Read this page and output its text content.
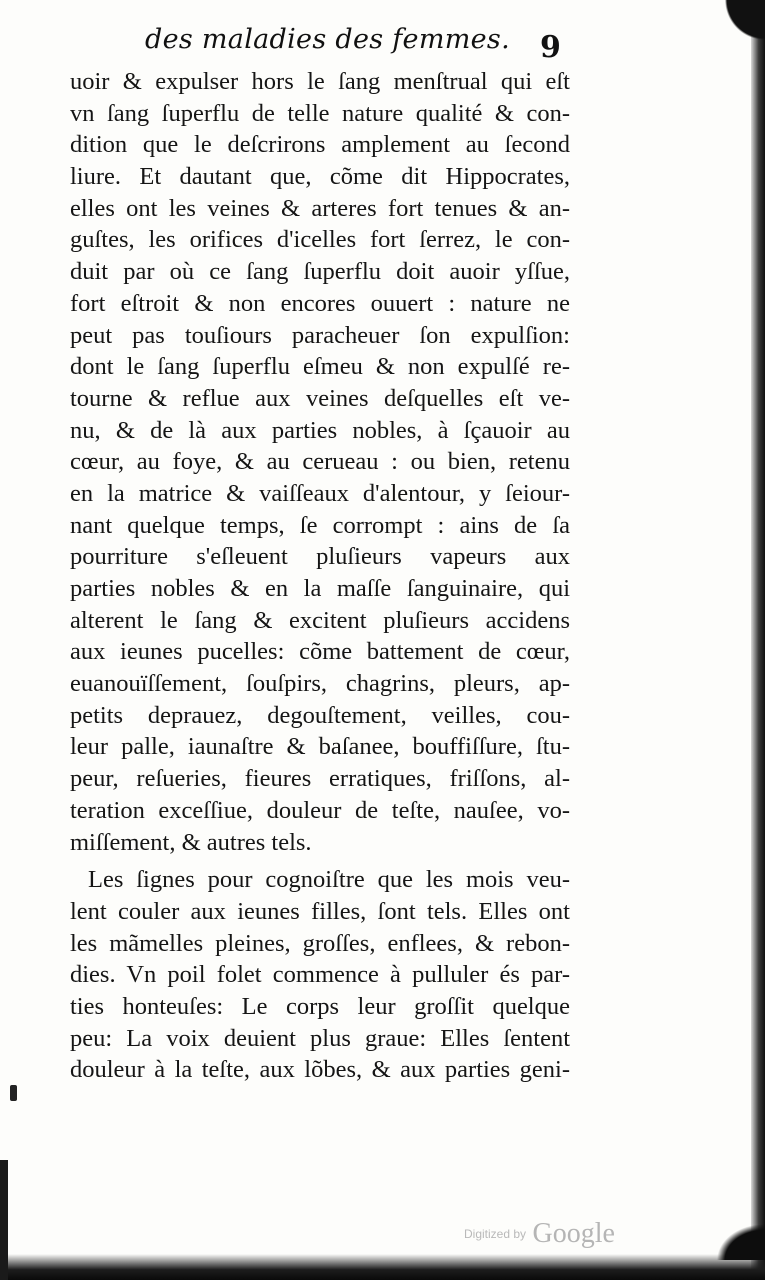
des maladies des femmes. 9
uoir & expulser hors le ſang menſtrual qui eſt
vn ſang ſuperflu de telle nature qualité & con-
dition que le deſcrirons amplement au ſecond
liure. Et dautant que, cõme dit Hippocrates,
elles ont les veines & arteres fort tenues & an-
guſtes, les orifices d'icelles fort ſerrez, le con-
duit par où ce ſang ſuperflu doit auoir yſſue,
fort eſtroit & non encores ouuert : nature ne
peut pas touſiours paracheuer ſon expulſion:
dont le ſang ſuperflu eſmeu & non expulſé re-
tourne & reflue aux veines deſquelles eſt ve-
nu, & de là aux parties nobles, à ſçauoir au
cœur, au foye, & au cerueau : ou bien, retenu
en la matrice & vaiſſeaux d'alentour, y ſeiour-
nant quelque temps, ſe corrompt : ains de ſa
pourriture s'eſleuent pluſieurs vapeurs aux
parties nobles & en la maſſe ſanguinaire, qui
alterent le ſang & excitent pluſieurs accidens
aux ieunes pucelles: cõme battement de cœur,
euanouïſſement, ſouſpirs, chagrins, pleurs, ap-
petits deprauez, degouſtement, veilles, cou-
leur palle, iaunaſtre & baſanee, bouffiſſure, ſtu-
peur, reſueries, fieures erratiques, friſſons, al-
teration exceſſiue, douleur de teſte, nauſee, vo-
miſſement, & autres tels.
Les ſignes pour cognoiſtre que les mois veu-
lent couler aux ieunes filles, ſont tels. Elles ont
les mãmelles pleines, groſſes, enflees, & rebon-
dies. Vn poil folet commence à pulluler és par-
ties honteuſes: Le corps leur groſſit quelque
peu: La voix deuient plus graue: Elles ſentent
douleur à la teſte, aux lõbes, & aux parties geni-
Digitized by Google
